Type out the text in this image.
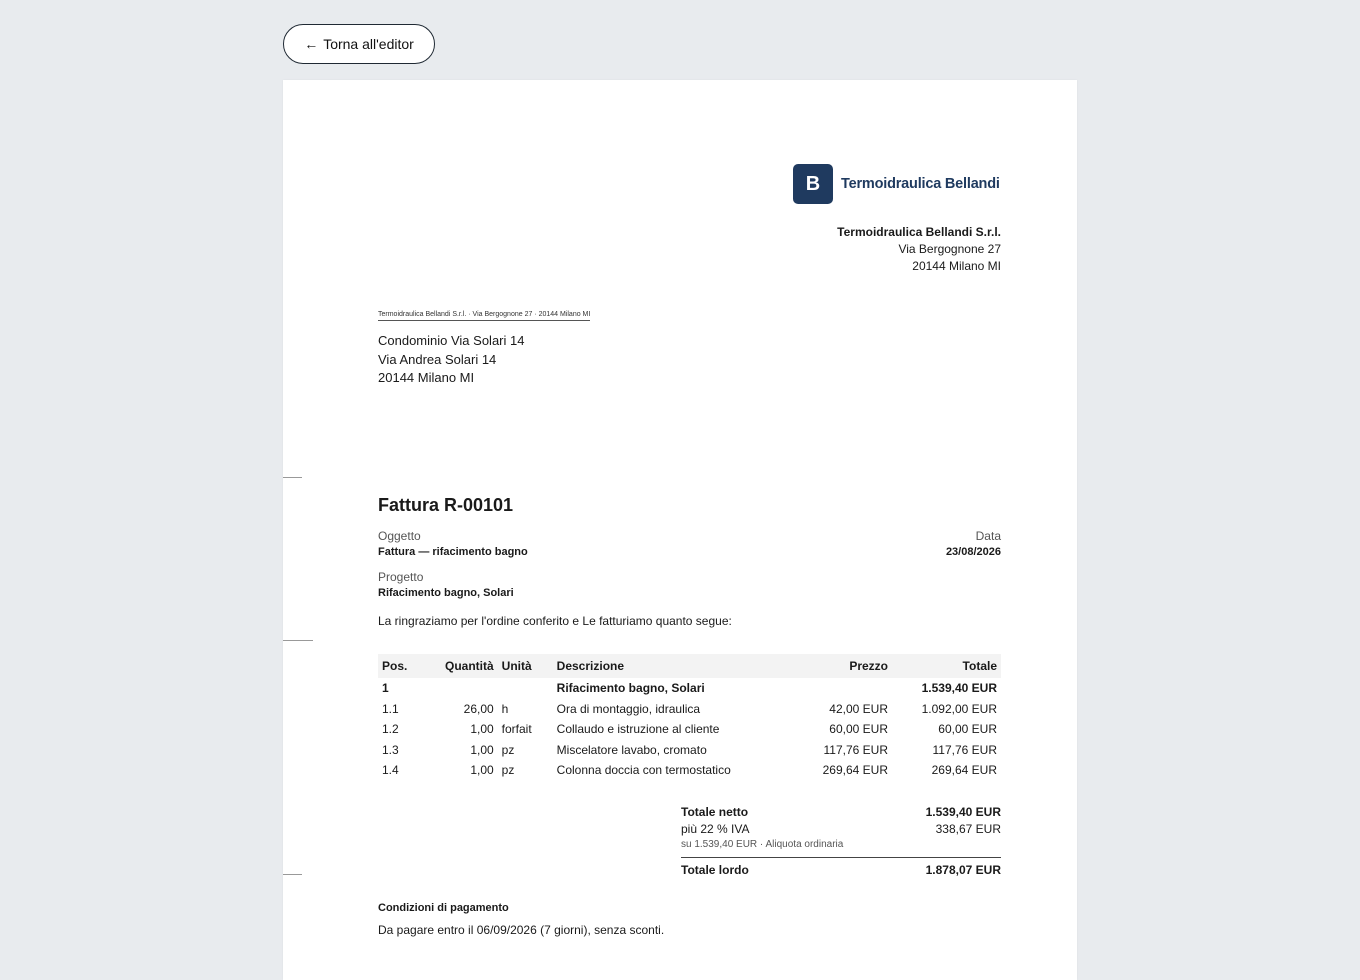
← Torna all'editor
B	Termoidraulica Bellandi
Termoidraulica Bellandi S.r.l.
Via Bergognone 27
20144 Milano MI
Termoidraulica Bellandi S.r.l. · Via Bergognone 27 · 20144 Milano MI
Condominio Via Solari 14
Via Andrea Solari 14
20144 Milano MI
Fattura R-00101
Oggetto
Fattura — rifacimento bagno
Data
23/08/2026
Progetto
Rifacimento bagno, Solari
La ringraziamo per l'ordine conferito e Le fatturiamo quanto segue:
Pos.	Quantità	Unità	Descrizione	Prezzo	Totale
1			Rifacimento bagno, Solari		1.539,40 EUR
1.1	26,00	h	Ora di montaggio, idraulica	42,00 EUR	1.092,00 EUR
1.2	1,00	forfait	Collaudo e istruzione al cliente	60,00 EUR	60,00 EUR
1.3	1,00	pz	Miscelatore lavabo, cromato	117,76 EUR	117,76 EUR
1.4	1,00	pz	Colonna doccia con termostatico	269,64 EUR	269,64 EUR
Totale netto	1.539,40 EUR
più 22 % IVA	338,67 EUR
su 1.539,40 EUR · Aliquota ordinaria
Totale lordo	1.878,07 EUR
Condizioni di pagamento
Da pagare entro il 06/09/2026 (7 giorni), senza sconti.
